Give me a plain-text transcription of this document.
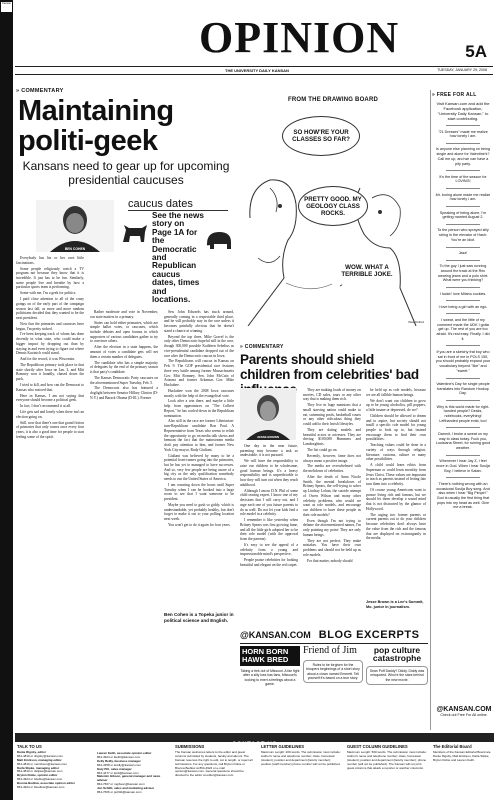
Kansas
OPINION	5A
THE UNIVERSITY DAILY KANSAN	TUESDAY, JANUARY 29, 2008
» COMMENTARY
Maintaining politi-geek
Kansans need to gear up for upcoming presidential caucuses
BEN COHEN
caucus dates
See the news story on Page 1A for the Democratic and Republican caucus dates, times and locations.

Everybody has his or her own little fascinations.

Some people religiously watch a TV program not because they know that it is incredible. It just has to be fun. Similarly, some people live and breathe by how a particular sports team is performing.

Some with me, I'm a geek for politics.

I paid close attention to all of the crazy goings on of the early part of the campaign season last fall, as more and more random politicians decided that they wanted to be the next president.

Now that the primaries and caucuses have begun, I'm pretty stoked.

I've been keeping track of whom has done decently in what state, who could make a bigger impact by dropping out than by staying in and even trying to figure out where Dennis Kucinich could stand.

And for the record, it was Wisconsin.

The Republican primary took place in that state shortly after Iowa on Jan. 3, and Mitt Romney won it handily, chased down the pack.

I tried to kill, and how can the Democrat to Kansas who noticed that.

Here in Kansas, I am not saying that everyone should become a political geek.

In fact, I don't recommend it at all.

Life gets sad and lonely when there isn't an election going on.

Still, now that there's one that grand fiction of primaries that only comes once every four years, it is also a good time for people to start feeling some of the spirit.

Rather moderate and vote in November, our state matters in a primary.

States can hold either primaries, which are simple ballot votes, or caucuses, which include debates and open forums in which supporters of various candidates gather to try to convince others.

After the election in a state happens, the amount of votes a candidate gets will net them a certain number of delegates.

The candidate who has a simple majority of delegates by the end of the primary season is that party's candidate.

The Kansas Democratic Party caucuses on the aforementioned Super Tuesday, Feb. 5.

The Democrats also has featured a dogfight between Senator Hillary Clinton (D-N.Y.) and Barack Obama (D-Ill.). Former

Sen. John Edwards has stuck around, generally coming in a respectable third place, and he will probably stay in the race unless it becomes painfully obvious that he doesn't stand a chance at winning.

Beyond the top three, Mike Gravel is the only other Democratic hopeful still in the race, though 300,000 possible Kathleen Sebelius as vice-presidential candidate dropped out of the race after the Democratic caucus in Iowa.

The Republicans will caucus in Kansas on Feb. 9. The GOP presidential race features three very battle among former Massachusetts Gov. Mitt Romney, Sen. John McCain of Arizona and former Arkansas Gov. Mike Huckabee.

Huckabee won the 2008 Iowa caucuses mostly with the help of the evangelical vote.

Look after a win there, and maybe a little help from appearances on "The Colbert Report," he has cooled down in the Republican nomination.

Also still in the race are former Libertarian-turn-Republican candidate Ron Paul. A Representative from Texas who seems to relish the opportunity to go on media talk shows and bemoan the fact that the mainstream media don't pay attention to him, and former New York City mayor, Rudy Giuliani.

Giuliani was believed by many to be a potential front-runner going into the primaries, but he has yet to managed to have successes. And so, very few people are being aware of a big city as the only qualification somebody needs to run the United States of America.

I am counting down the hours until Super Tuesday when I can be hooked into a large room to see that I want someone to be president.

Maybe you need to gush so giddy, which is understandable, yet probably healthy, but don't forget to make it out to your polling location next week.

You won't get to do it again for four years.

Ben Cohen is a Topeka junior in political science and English.
FROM THE DRAWING BOARD
SO HOW'RE YOUR CLASSES SO FAR?
PRETTY GOOD. MY GEOLOGY CLASS ROCKS.
WOW. WHAT A TERRIBLE JOKE.
Wes Oxford
» COMMENTARY
Parents should shield children from celebrities' bad
JESSE BROWN

One day in the near future, parenting may become a task so undesirable, it is not pursued.

We will have the responsibility to raise our children to be wholesome, good human beings. It's a heavy responsibility and is unpredictable to how they will turn out when they reach adulthood.

Although I am no D.N. Phil of some child rearing expert, I know one of my decisions that I will carry out, and I urge each one of you future parents to do as well: Do not let your kids find a role model in a celebrity.

I remember it like yesterday when Britney Spears was first growing fame, and all the little girls adopted her to be their role model (with the approval from the parents).

It's easy to see the appeal of a celebrity from a young and impressionable mind's perspective.

People praise celebrities for looking beautiful and elegant on the red carpet.

They are making loads of money on movies, CD sales, tours or any other way that is making them rich.

They live in huge mansions that a small starving nation could make to eat, swimming pools, basketball courts or any other ridiculous thing they could add to their lavish lifestyles.

They are dating models and beautiful actors or actresses. They are driving $100,000 Hummers and Lamborghinis.

The list could go on.

Recently, however, fame does not always mean a positive image.

The media are overwhelmed with the meltdown of celebrities.

After the death of Anna Nicole Smith, the mental breakdown of Britney Spears, the cell-trying to sober up Lindsay Lohan, the suicide attempt of Owen Wilson and many other celebrity problems, who would we want as role models, and encourage our children to have these people as their role models?

Even though I'm not trying to defame the aforementioned names, I'm only pointing my point: They are only human beings.

They are not perfect. They make mistakes. You have their own problems and should not be held up as role models.

For that matter, nobody should

be held up as role models, because we are all fallible human beings.

We don't want our children to grow up to be young alcoholics, pill poppers, a little insane or depressed, do we?

Children should be allowed to dream and to aspire, but society should not instill a specific role model for young people to look up to, but instead encourage them to find their own possibilities.

Teaching values could be done in a variety of ways through religion, literature, customs, culture or many other possibilities.

A child could learn ethics from Superman or could learn morality from Jesus Christ. These values are important to teach as parents instead of letting fate turn them into a celebrity.

Of course young Americans want to pursue living rich and famous, but we should let them develop a sound mind that is not distracted by the glamor of Hollywood.

The urging two former parents or current parents out to do your children because celebrities don't always have the value from the rich and the famous that are displayed on extravagantly in the media.

Jesse Brown is a Lee's Summit, Mo. junior in journalism.
» FREE FOR ALL

Visit Kansan.com and add the Facebook application, "University Daily Kansan," to start contributing.

"21 Dresses" made me realize how lonely I am.

Is anyone else planning on being single and alone for Valentine's? Call me up, and we can have a pity party.

It's the time of the season for LOVING!

Mr. boring alone made me realize how lonely I am.

Speaking of being alone, I'm getting married August 2.

To the person who sprayed silly string in the elevator of Hash: You're an idiot.

Jazz!

To the guy I just saw running around the track at the Rec wearing jeans and a polo shirt: What were you thinking?

I fuckin' love Milano cookies.

I love being a girl with an ego.

I swear, and the little of my comment made the UDK I gotta get up. The rest of you are too afraid. It's real easy. Finally. I did it.

If you are a sketchy frat boy who sat in front of me in POLS 150, you should probably expand your vocabulary beyond "like" and "sweet."

Valentine's Day for single people translates into Random Hookup Day.

Why is this world made for right-handed people? Desks, notebooks, everything! Lefthanded people exist, too!

Damnit, I broke a sweat on my way to class today. Fuck you, Louisiana Street, for ruining good weather.

Whenever I hear Jay Z, I feel more in God. When I hear Soulja Boy, I believe in Satan.

There's nothing wrong with an occasional Soulja Boy song. And also when I hear "Big Pimpin'" God is usually the first thing that pops into my head as well. Give me a break.

@KANSAN.COM
Check out Free For All online.
@KANSAN.COM BLOG EXCERPTS
HORN BORN HAWK BRED
Taking a trek out of Missouri. A fan fight after a silly loss has fans, Missouri's looking to exert a feelings about a game.
Friend of Jim
Rules to be forgiven for the bloopers beginnings of a short story about a clown named Emmett. Tell yourself it's based on a true story.
pop culture catastrophe
Sean Puff Daddy? Diddy. Diddy was misquoted. Who're the stars behind the new movie.
CONTACT US
TALK TO US
Dante Rigsby, editor
864-4810 or drigsby@kansan.com
Matt Erickson, managing editor
864-4810 or merickson@kansan.com
Darla Slipke, managing editor
864-4810 or dslipke@kansan.com
Brytun Dobie, opinion editor
864-4924 or bdobie@kansan.com
Brenna Bedlow, associate opinion editor
864-4924 or bbedlow@kansan.com
Lauren Keith, associate opinion editor
864-4924 or lkeith@kansan.com
Kelly Reilly, business manager
864-4358 or kreilly@kansan.com
Katy Pitt, sales manager
864-4477 or kpitt@kansan.com
Malcolm Gibson, general manager and news adviser
864-7667 or mgibson@kansan.com
Jon Schlitt, sales and marketing adviser
864-7666 or jschlitt@kansan.com
SUBMISSIONS
The Kansan welcomes letters to the editor and guest columns submitted by students, faculty and alumni. The Kansan reserves the right to edit, cut to length, or reject all submissions. For any questions, call Brytun Dobie or Brenna Bedlow at 864-4924 or e-mail opinion@kansan.com. General questions should be directed to the editor at editor@kansan.com.
LETTER GUIDELINES
Maximum Length: 200 words. The submission must include: Author's name and telephone number; class, hometown (student); position and department (faculty member); position (staff member) phone number will not be published.
GUEST COLUMN GUIDELINES
Maximum Length: 500 words. The submission must include: Author's name and telephone number; class, hometown (student); position and department (faculty member); phone number (will not be published). The Kansan will not print guest columns that attack a reporter or another columnist.
The Editorial Board
Members of the Kansan Editorial Board are Dante Rigsby, Matt Erickson, Darla Slipke, Brytun Dobie and Lauren Keith.
